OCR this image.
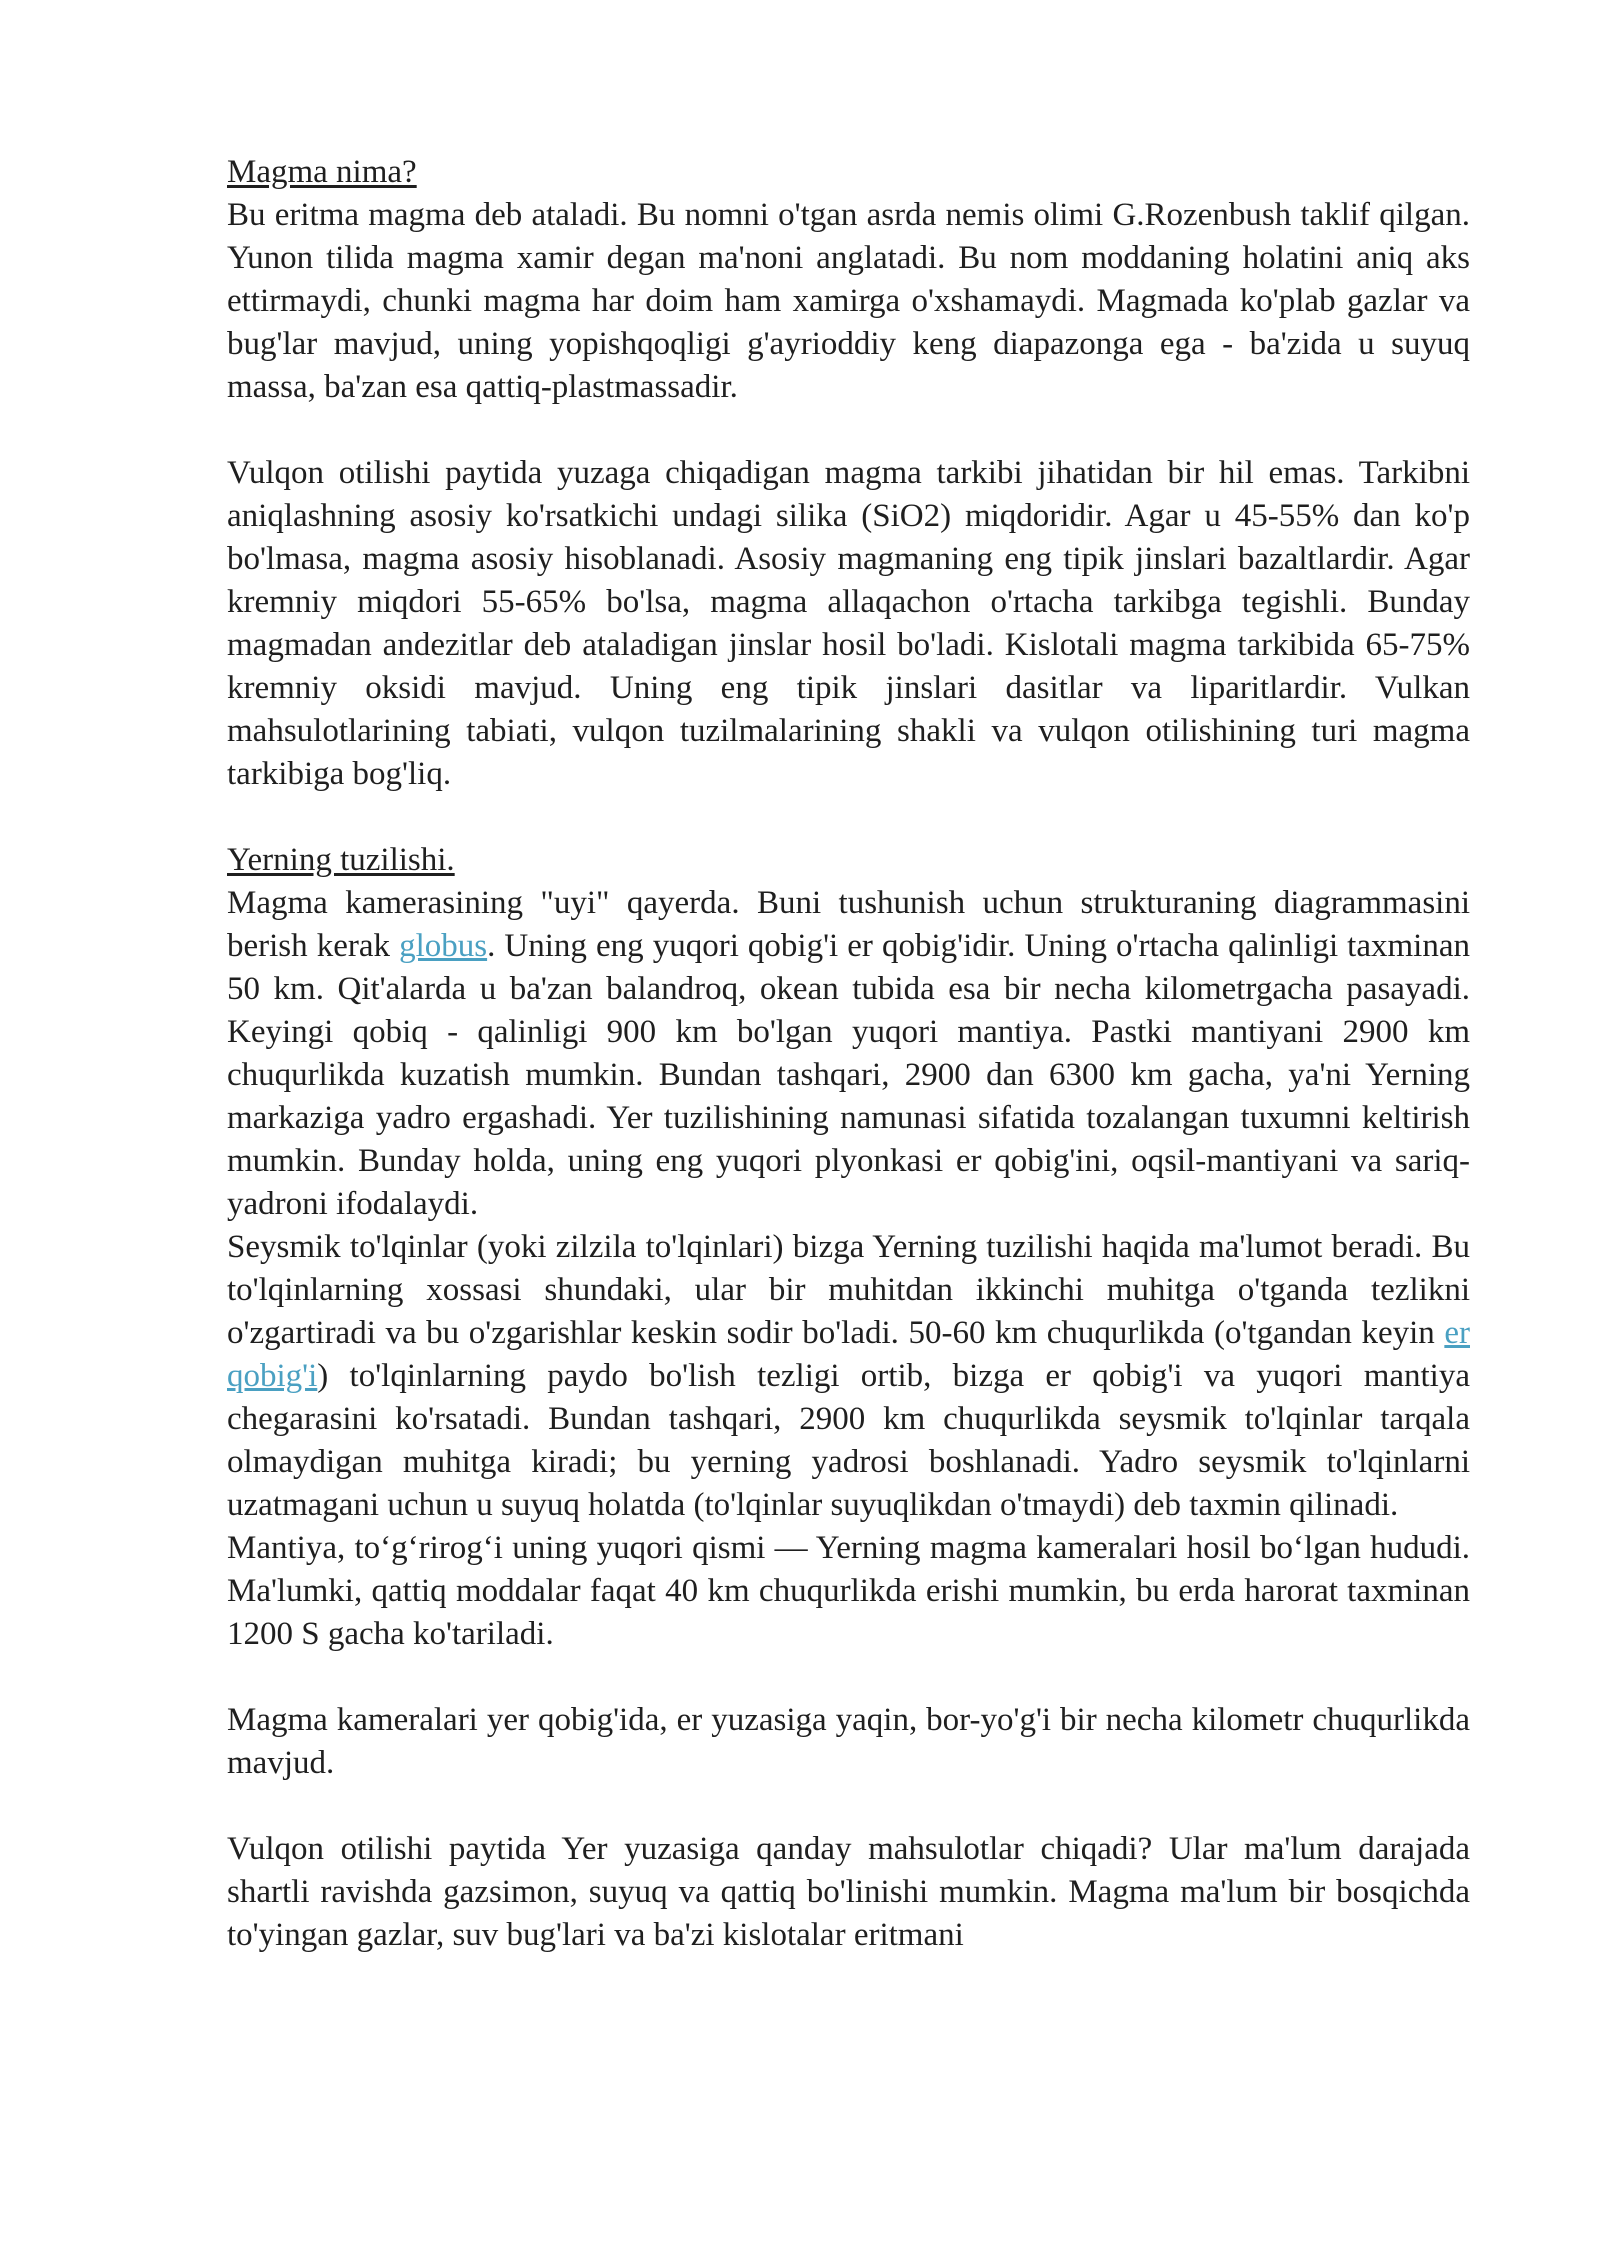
Magma nima?

Bu eritma magma deb ataladi. Bu nomni o'tgan asrda nemis olimi G.Rozenbush taklif qilgan. Yunon tilida magma xamir degan ma'noni anglatadi. Bu nom moddaning holatini aniq aks ettirmaydi, chunki magma har doim ham xamirga o'xshamaydi. Magmada ko'plab gazlar va bug'lar mavjud, uning yopishqoqligi g'ayrioddiy keng diapazonga ega - ba'zida u suyuq massa, ba'zan esa qattiq-plastmassadir.

Vulqon otilishi paytida yuzaga chiqadigan magma tarkibi jihatidan bir hil emas. Tarkibni aniqlashning asosiy ko'rsatkichi undagi silika (SiO2) miqdoridir. Agar u 45-55% dan ko'p bo'lmasa, magma asosiy hisoblanadi. Asosiy magmaning eng tipik jinslari bazaltlardir. Agar kremniy miqdori 55-65% bo'lsa, magma allaqachon o'rtacha tarkibga tegishli. Bunday magmadan andezitlar deb ataladigan jinslar hosil bo'ladi. Kislotali magma tarkibida 65-75% kremniy oksidi mavjud. Uning eng tipik jinslari dasitlar va liparitlardir. Vulkan mahsulotlarining tabiati, vulqon tuzilmalarining shakli va vulqon otilishining turi magma tarkibiga bog'liq.

Yerning tuzilishi.

Magma kamerasining "uyi" qayerda. Buni tushunish uchun strukturaning diagrammasini berish kerak globus. Uning eng yuqori qobig'i er qobig'idir. Uning o'rtacha qalinligi taxminan 50 km. Qit'alarda u ba'zan balandroq, okean tubida esa bir necha kilometrgacha pasayadi. Keyingi qobiq - qalinligi 900 km bo'lgan yuqori mantiya. Pastki mantiyani 2900 km chuqurlikda kuzatish mumkin. Bundan tashqari, 2900 dan 6300 km gacha, ya'ni Yerning markaziga yadro ergashadi. Yer tuzilishining namunasi sifatida tozalangan tuxumni keltirish mumkin. Bunday holda, uning eng yuqori plyonkasi er qobig'ini, oqsil-mantiyani va sariq-yadroni ifodalaydi.

Seysmik to'lqinlar (yoki zilzila to'lqinlari) bizga Yerning tuzilishi haqida ma'lumot beradi. Bu to'lqinlarning xossasi shundaki, ular bir muhitdan ikkinchi muhitga o'tganda tezlikni o'zgartiradi va bu o'zgarishlar keskin sodir bo'ladi. 50-60 km chuqurlikda (o'tgandan keyin er qobig'i) to'lqinlarning paydo bo'lish tezligi ortib, bizga er qobig'i va yuqori mantiya chegarasini ko'rsatadi. Bundan tashqari, 2900 km chuqurlikda seysmik to'lqinlar tarqala olmaydigan muhitga kiradi; bu yerning yadrosi boshlanadi. Yadro seysmik to'lqinlarni uzatmagani uchun u suyuq holatda (to'lqinlar suyuqlikdan o'tmaydi) deb taxmin qilinadi.

Mantiya, to‘g‘rirog‘i uning yuqori qismi — Yerning magma kameralari hosil bo‘lgan hududi. Ma'lumki, qattiq moddalar faqat 40 km chuqurlikda erishi mumkin, bu erda harorat taxminan 1200 S gacha ko'tariladi.

Magma kameralari yer qobig'ida, er yuzasiga yaqin, bor-yo'g'i bir necha kilometr chuqurlikda mavjud.

Vulqon otilishi paytida Yer yuzasiga qanday mahsulotlar chiqadi? Ular ma'lum darajada shartli ravishda gazsimon, suyuq va qattiq bo'linishi mumkin. Magma ma'lum bir bosqichda to'yingan gazlar, suv bug'lari va ba'zi kislotalar eritmani
